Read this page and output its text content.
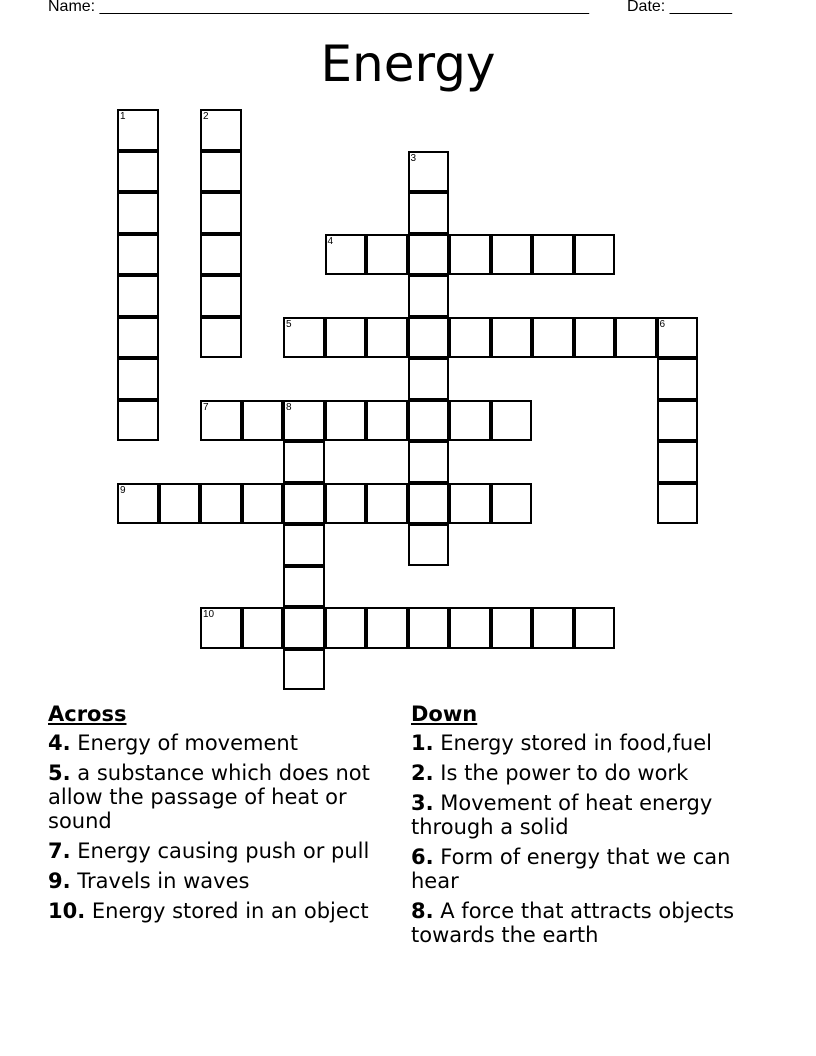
Name: _______________________________________________________ Date: _______
Energy
1	2
3
4
5	6
7	8
9
10
Across
4. Energy of movement
5. a substance which does not allow the passage of heat or sound
7. Energy causing push or pull
9. Travels in waves
10. Energy stored in an object
Down
1. Energy stored in food,fuel
2. Is the power to do work
3. Movement of heat energy through a solid
6. Form of energy that we can hear
8. A force that attracts objects towards the earth
